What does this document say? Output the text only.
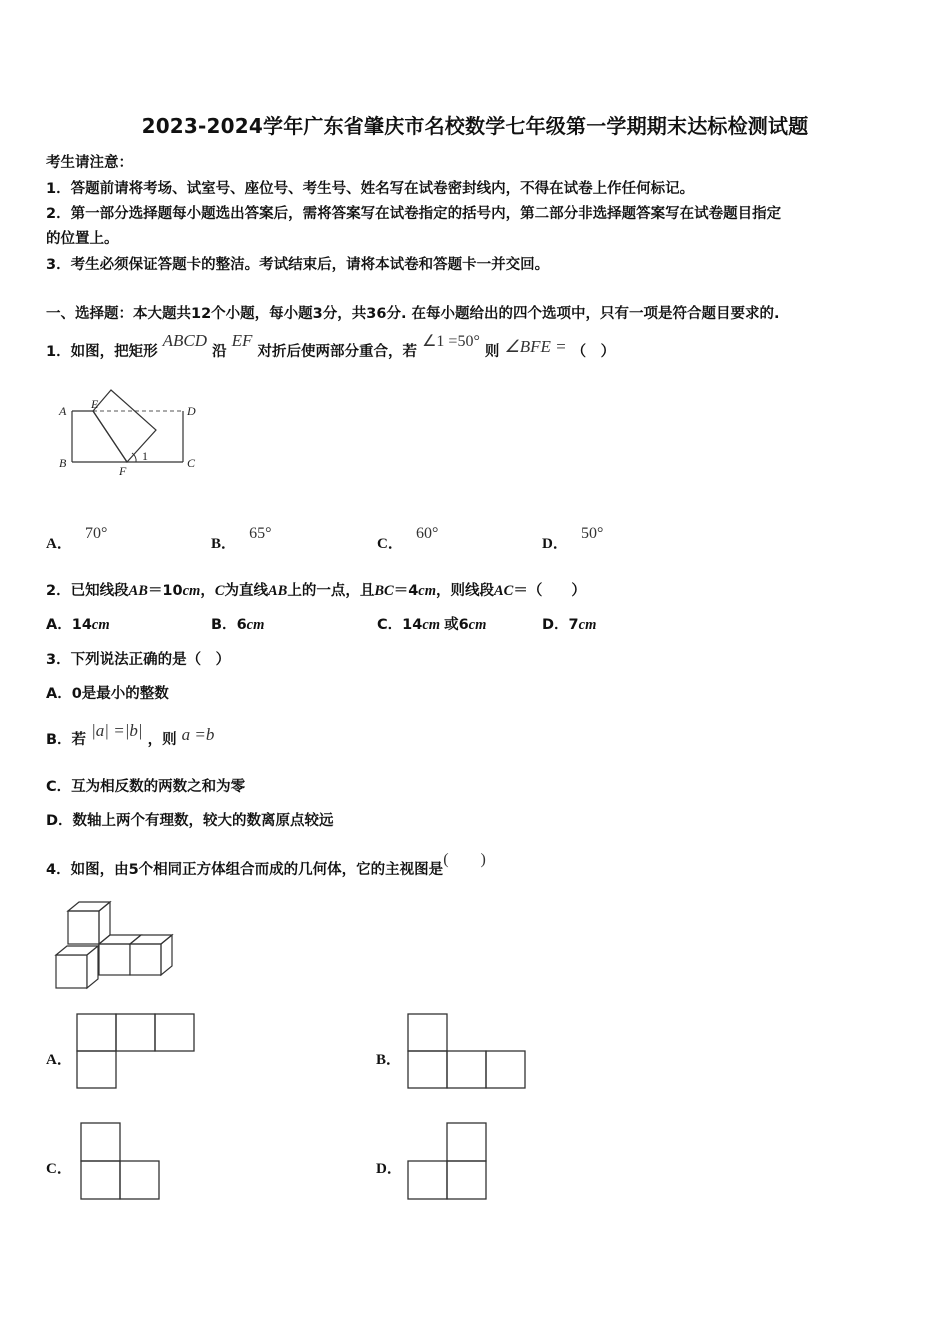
2023-2024学年广东省肇庆市名校数学七年级第一学期期末达标检测试题
考生请注意：
1．答题前请将考场、试室号、座位号、考生号、姓名写在试卷密封线内，不得在试卷上作任何标记。
2．第一部分选择题每小题选出答案后，需将答案写在试卷指定的括号内，第二部分非选择题答案写在试卷题目指定
的位置上。
3．考生必须保证答题卡的整洁。考试结束后，请将本试卷和答题卡一并交回。
一、选择题：本大题共12个小题，每小题3分，共36分. 在每小题给出的四个选项中，只有一项是符合题目要求的.
1．如图，把矩形 ABCD 沿 EF 对折后使两部分重合，若 ∠1 =50° 则 ∠BFE = （　）
A E	D
B
F
C
1
A． 70°
B． 65°
C． 60°
D． 50°
2．已知线段AB＝10cm，C为直线AB上的一点，且BC＝4cm，则线段AC＝（　　）
A．14cm	B．6cm	C．14cm 或6cm	D．7cm
3．下列说法正确的是（　）
A．0是最小的整数
B．若 |a| =|b| ，则 a =b
C．互为相反数的两数之和为零
D．数轴上两个有理数，较大的数离原点较远
4．如图，由5个相同正方体组合而成的几何体，它的主视图是(　　)
A．	B．
C．	D．
